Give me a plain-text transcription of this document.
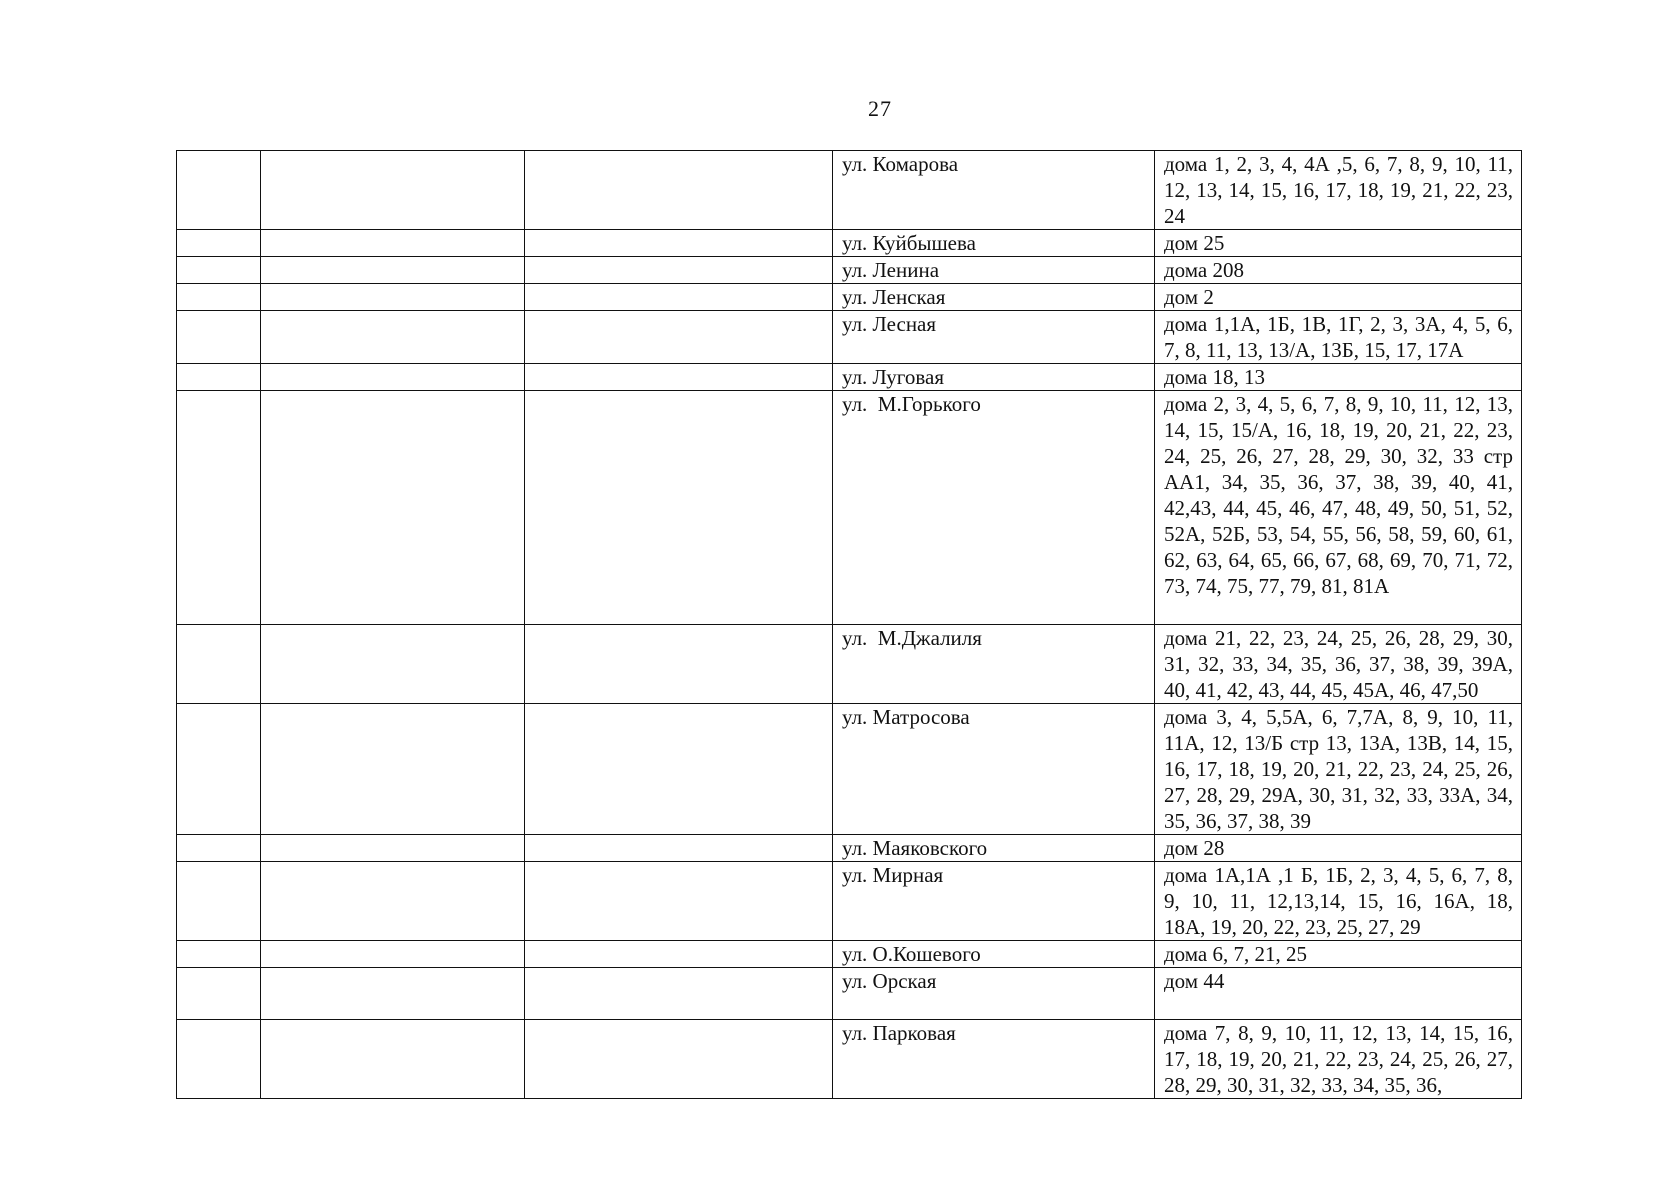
27
			ул. Комарова	дома 1, 2, 3, 4, 4А ,5, 6, 7, 8, 9, 10, 11, 12, 13, 14, 15, 16, 17, 18, 19, 21, 22, 23, 24
			ул. Куйбышева	дом 25
			ул. Ленина	дома 208
			ул. Ленская	дом 2
			ул. Лесная	дома 1,1А, 1Б, 1В, 1Г, 2, 3, 3А, 4, 5, 6, 7, 8, 11, 13, 13/А, 13Б, 15, 17, 17А
			ул. Луговая	дома 18, 13
			ул.  М.Горького	дома 2, 3, 4, 5, 6, 7, 8, 9, 10, 11, 12, 13, 14, 15, 15/А, 16, 18, 19, 20, 21, 22, 23, 24, 25, 26, 27, 28, 29, 30, 32, 33 стр АА1, 34, 35, 36, 37, 38, 39, 40, 41, 42,43, 44, 45, 46, 47, 48, 49, 50, 51, 52, 52А, 52Б, 53, 54, 55, 56, 58, 59, 60, 61, 62, 63, 64, 65, 66, 67, 68, 69, 70, 71, 72, 73, 74, 75, 77, 79, 81, 81А
			ул.  М.Джалиля	дома 21, 22, 23, 24, 25, 26, 28, 29, 30, 31, 32, 33, 34, 35, 36, 37, 38, 39, 39А, 40, 41, 42, 43, 44, 45, 45А, 46, 47,50
			ул. Матросова	дома 3, 4, 5,5А, 6, 7,7А, 8, 9, 10, 11, 11А, 12, 13/Б стр 13, 13А, 13В, 14, 15, 16, 17, 18, 19, 20, 21, 22, 23, 24, 25, 26, 27, 28, 29, 29А, 30, 31, 32, 33, 33А, 34, 35, 36, 37, 38, 39
			ул. Маяковского	дом 28
			ул. Мирная	дома 1А,1А ,1 Б, 1Б, 2, 3, 4, 5, 6, 7, 8, 9, 10, 11, 12,13,14, 15, 16, 16А, 18, 18А, 19, 20, 22, 23, 25, 27, 29
			ул. О.Кошевого	дома 6, 7, 21, 25
			ул. Орская	дом 44
			ул. Парковая	дома 7, 8, 9, 10, 11, 12, 13, 14, 15, 16, 17, 18, 19, 20, 21, 22, 23, 24, 25, 26, 27, 28, 29, 30, 31, 32, 33, 34, 35, 36,
